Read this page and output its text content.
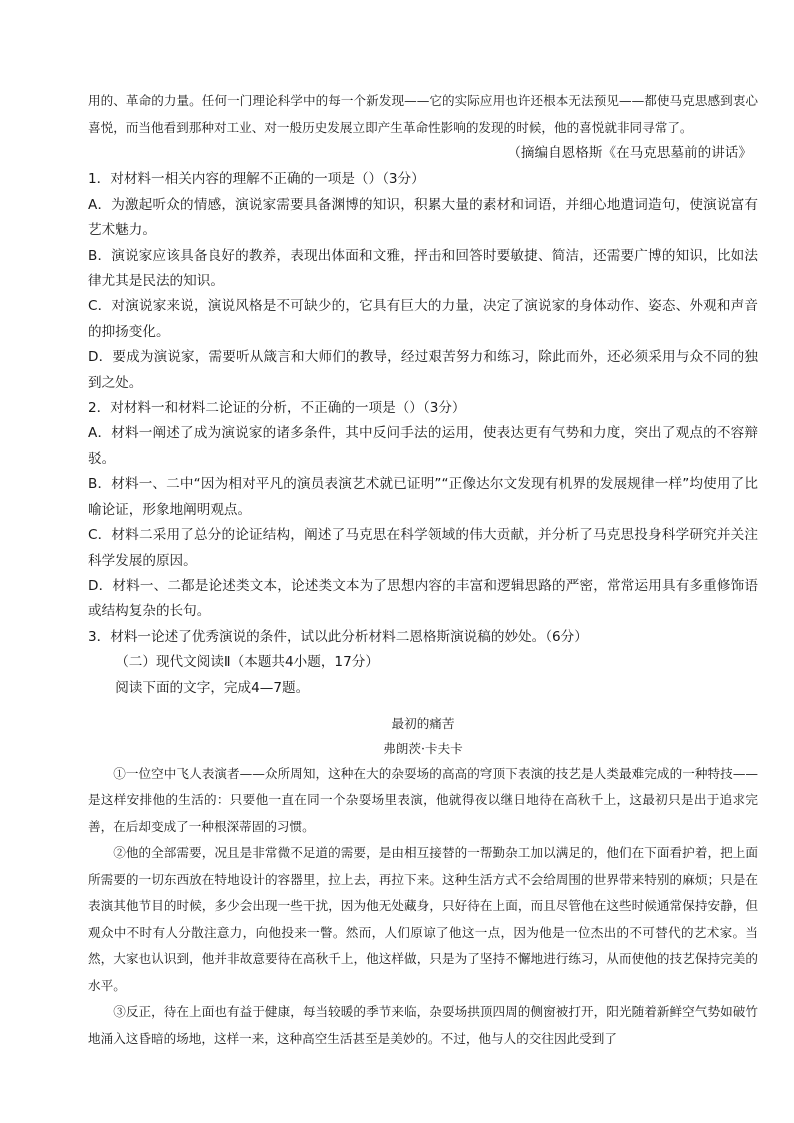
用的、革命的力量。任何一门理论科学中的每一个新发现——它的实际应用也许还根本无法预见——都使马克思感到衷心喜悦，而当他看到那种对工业、对一般历史发展立即产生革命性影响的发现的时候，他的喜悦就非同寻常了。

（摘编自恩格斯《在马克思墓前的讲话》

1．对材料一相关内容的理解不正确的一项是（）（3分）

A．为激起听众的情感，演说家需要具备渊博的知识，积累大量的素材和词语，并细心地遣词造句，使演说富有艺术魅力。

B．演说家应该具备良好的教养，表现出体面和文雅，抨击和回答时要敏捷、简洁，还需要广博的知识，比如法律尤其是民法的知识。

C．对演说家来说，演说风格是不可缺少的，它具有巨大的力量，决定了演说家的身体动作、姿态、外观和声音的抑扬变化。

D．要成为演说家，需要听从箴言和大师们的教导，经过艰苦努力和练习，除此而外，还必须采用与众不同的独到之处。

2．对材料一和材料二论证的分析，不正确的一项是（）（3分）

A．材料一阐述了成为演说家的诸多条件，其中反问手法的运用，使表达更有气势和力度，突出了观点的不容辩驳。

B．材料一、二中“因为相对平凡的演员表演艺术就已证明”“正像达尔文发现有机界的发展规律一样”均使用了比喻论证，形象地阐明观点。

C．材料二采用了总分的论证结构，阐述了马克思在科学领域的伟大贡献，并分析了马克思投身科学研究并关注科学发展的原因。

D．材料一、二都是论述类文本，论述类文本为了思想内容的丰富和逻辑思路的严密，常常运用具有多重修饰语或结构复杂的长句。

3．材料一论述了优秀演说的条件，试以此分析材料二恩格斯演说稿的妙处。（6分）

（二）现代文阅读Ⅱ（本题共4小题，17分）

阅读下面的文字，完成4—7题。

最初的痛苦

弗朗茨·卡夫卡

①一位空中飞人表演者——众所周知，这种在大的杂耍场的高高的穹顶下表演的技艺是人类最难完成的一种特技——是这样安排他的生活的：只要他一直在同一个杂耍场里表演，他就得夜以继日地待在高秋千上，这最初只是出于追求完善，在后却变成了一种根深蒂固的习惯。

②他的全部需要，况且是非常微不足道的需要，是由相互接替的一帮勤杂工加以满足的，他们在下面看护着，把上面所需要的一切东西放在特地设计的容器里，拉上去，再拉下来。这种生活方式不会给周围的世界带来特别的麻烦；只是在表演其他节目的时候，多少会出现一些干扰，因为他无处藏身，只好待在上面，而且尽管他在这些时候通常保持安静，但观众中不时有人分散注意力，向他投来一瞥。然而，人们原谅了他这一点，因为他是一位杰出的不可替代的艺术家。当然，大家也认识到，他并非故意要待在高秋千上，他这样做，只是为了坚持不懈地进行练习，从而使他的技艺保持完美的水平。

③反正，待在上面也有益于健康，每当较暖的季节来临，杂耍场拱顶四周的侧窗被打开，阳光随着新鲜空气势如破竹地涌入这昏暗的场地，这样一来，这种高空生活甚至是美妙的。不过，他与人的交往因此受到了
